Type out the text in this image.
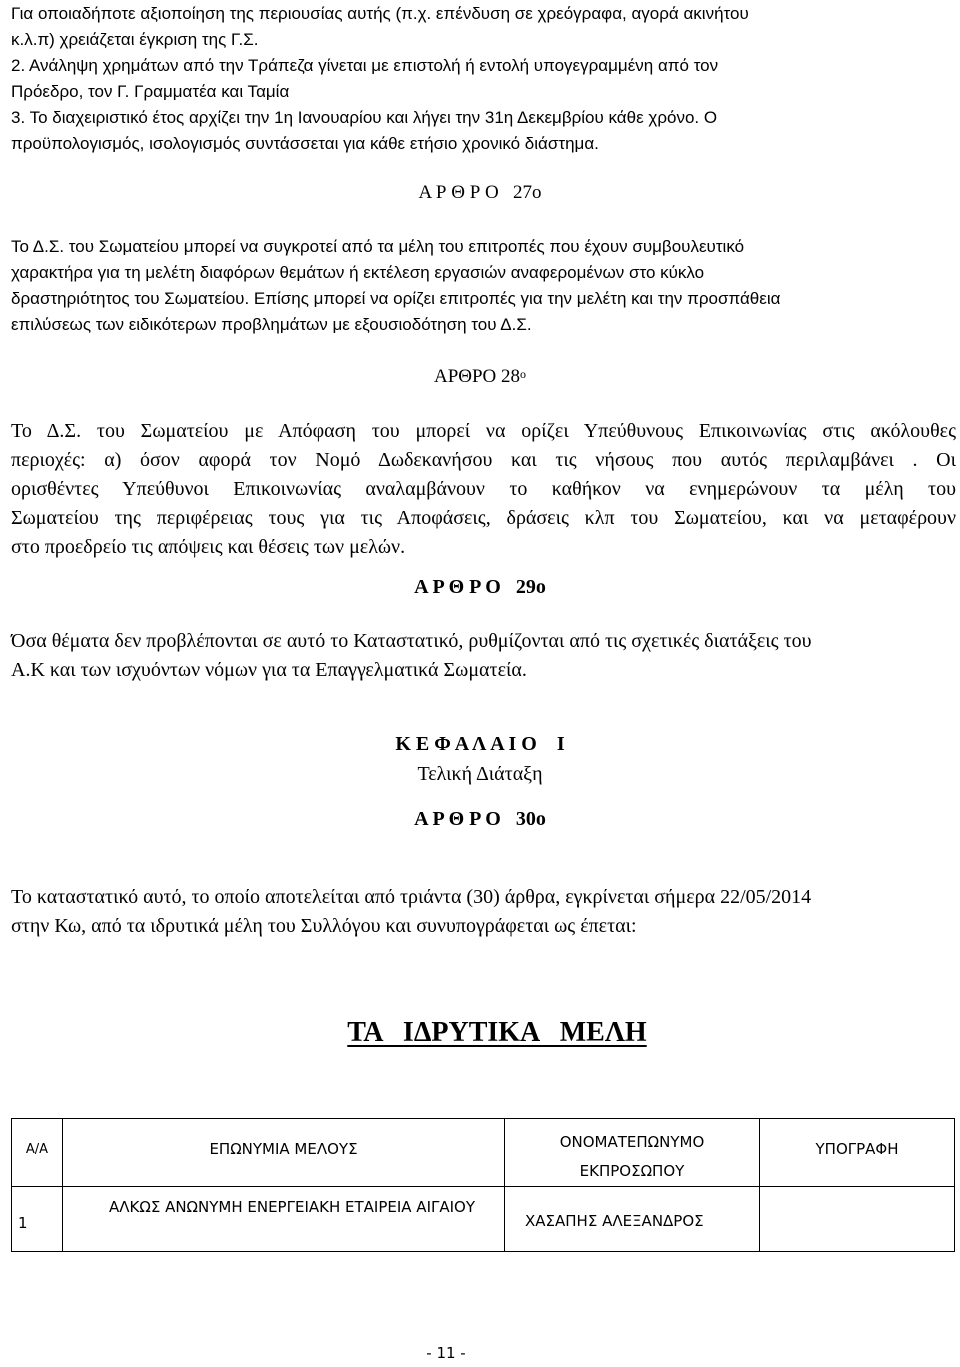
Για οποιαδήποτε αξιοποίηση της περιουσίας αυτής (π.χ. επένδυση σε χρεόγραφα, αγορά ακινήτου
κ.λ.π) χρειάζεται έγκριση της Γ.Σ.
2. Ανάληψη χρημάτων από την Τράπεζα γίνεται με επιστολή ή εντολή υπογεγραμμένη από τον
Πρόεδρο, τον Γ. Γραμματέα και Ταμία
3. Το διαχειριστικό έτος αρχίζει την 1η Ιανουαρίου και λήγει την 31η Δεκεμβρίου κάθε χρόνο. Ο
προϋπολογισμός, ισολογισμός συντάσσεται για κάθε ετήσιο χρονικό διάστημα.
Α Ρ Θ Ρ Ο   27ο
Το Δ.Σ. του Σωματείου μπορεί να συγκροτεί από τα μέλη του επιτροπές που έχουν συμβουλευτικό
χαρακτήρα για τη μελέτη διαφόρων θεμάτων ή εκτέλεση εργασιών αναφερομένων στο κύκλο
δραστηριότητος του Σωματείου. Επίσης μπορεί να ορίζει επιτροπές για την μελέτη και την προσπάθεια
επιλύσεως των ειδικότερων προβλημάτων με εξουσιοδότηση του Δ.Σ.
ΑΡΘΡΟ $28^o$
Το Δ.Σ. του Σωματείου με Απόφαση του μπορεί να ορίζει Υπεύθυνους Επικοινωνίας στις ακόλουθες
περιοχές: α) όσον αφορά τον Νομό Δωδεκανήσου και τις νήσους που αυτός περιλαμβάνει . Οι
ορισθέντες Υπεύθυνοι Επικοινωνίας αναλαμβάνουν το καθήκον να ενημερώνουν τα μέλη του
Σωματείου της περιφέρειας τους για τις Αποφάσεις, δράσεις κλπ του Σωματείου, και να μεταφέρουν
στο προεδρείο τις απόψεις και θέσεις των μελών.
Α Ρ Θ Ρ Ο   29ο
Όσα θέματα δεν προβλέπονται σε αυτό το Καταστατικό, ρυθμίζονται από τις σχετικές διατάξεις του
Α.Κ και των ισχυόντων νόμων για τα Επαγγελματικά Σωματεία.
Κ Ε Φ Α Λ Α Ι Ο    Ι
Τελική Διάταξη
Α Ρ Θ Ρ Ο   30ο
Το καταστατικό αυτό, το οποίο αποτελείται από τριάντα (30) άρθρα, εγκρίνεται σήμερα 22/05/2014
στην Κω, από τα ιδρυτικά μέλη του Συλλόγου και συνυπογράφεται ως έπεται:
ΤΑ   ΙΔΡΥΤΙΚΑ   ΜΕΛΗ
Α/Α	ΕΠΩΝΥΜΙΑ ΜΕΛΟΥΣ	ΟΝΟΜΑΤΕΠΩΝΥΜΟ ΕΚΠΡΟΣΩΠΟΥ	ΥΠΟΓΡΑΦΗ
1	ΑΛΚΩΣ ΑΝΩΝΥΜΗ ΕΝΕΡΓΕΙΑΚΗ ΕΤΑΙΡΕΙΑ ΑΙΓΑΙΟΥ	ΧΑΣΑΠΗΣ ΑΛΕΞΑΝΔΡΟΣ	
- 11 -
